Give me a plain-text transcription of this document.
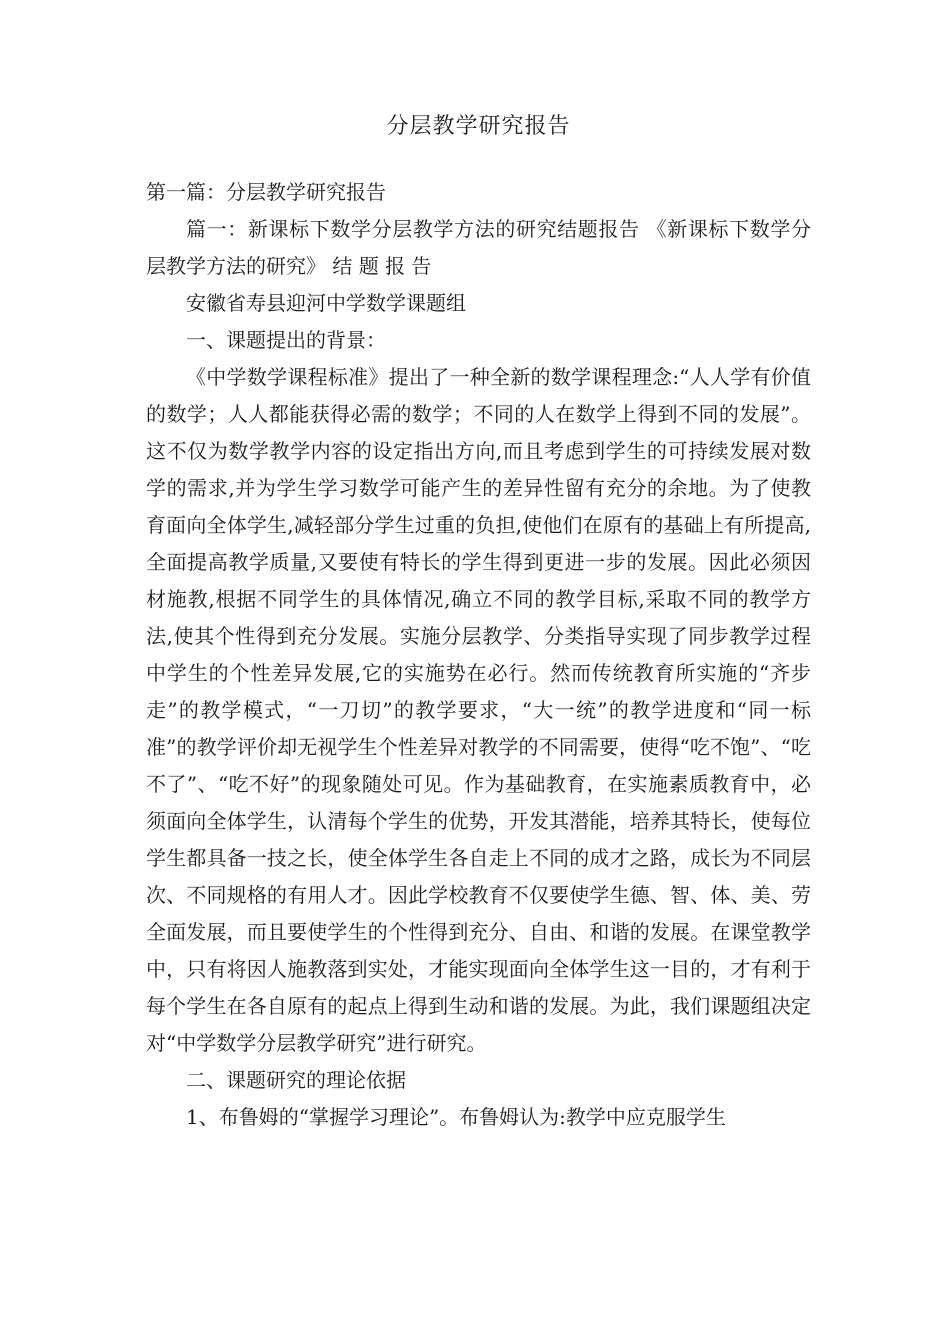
分层教学研究报告

第一篇：分层教学研究报告

篇一：新课标下数学分层教学方法的研究结题报告 《新课标下数学分层教学方法的研究》 结 题 报 告

安徽省寿县迎河中学数学课题组

一、课题提出的背景：

《中学数学课程标准》提出了一种全新的数学课程理念:“人人学有价值的数学；人人都能获得必需的数学；不同的人在数学上得到不同的发展”。这不仅为数学教学内容的设定指出方向,而且考虑到学生的可持续发展对数学的需求,并为学生学习数学可能产生的差异性留有充分的余地。为了使教育面向全体学生,减轻部分学生过重的负担,使他们在原有的基础上有所提高,全面提高教学质量,又要使有特长的学生得到更进一步的发展。因此必须因材施教,根据不同学生的具体情况,确立不同的教学目标,采取不同的教学方法,使其个性得到充分发展。实施分层教学、分类指导实现了同步教学过程中学生的个性差异发展,它的实施势在必行。然而传统教育所实施的“齐步走”的教学模式，“一刀切”的教学要求，“大一统”的教学进度和“同一标准”的教学评价却无视学生个性差异对教学的不同需要，使得“吃不饱”、“吃不了”、“吃不好”的现象随处可见。作为基础教育，在实施素质教育中，必须面向全体学生，认清每个学生的优势，开发其潜能，培养其特长，使每位学生都具备一技之长，使全体学生各自走上不同的成才之路，成长为不同层次、不同规格的有用人才。因此学校教育不仅要使学生德、智、体、美、劳全面发展，而且要使学生的个性得到充分、自由、和谐的发展。在课堂教学中，只有将因人施教落到实处，才能实现面向全体学生这一目的，才有利于每个学生在各自原有的起点上得到生动和谐的发展。为此，我们课题组决定对“中学数学分层教学研究”进行研究。

二、课题研究的理论依据

1、布鲁姆的“掌握学习理论”。布鲁姆认为:教学中应克服学生
